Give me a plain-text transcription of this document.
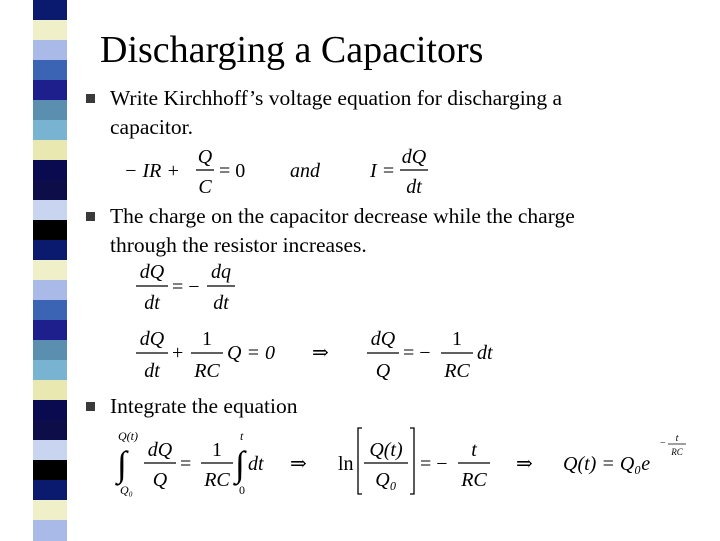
Discharging a Capacitors
Write Kirchhoff’s voltage equation for discharging a
capacitor.
The charge on the capacitor decrease while the charge
through the resistor increases.
Integrate the equation
− IR +
Q
C
= 0 and	I =
dQ
dt
dQ
dt
= −
dq
dt
dQ
dt
+
1
RC
Q = 0 ⇒
dQ
Q
= −
1
RC
dt
Q(t)
∫
Q₀
dQ
Q
=
1
RC
t
∫
0
dt ⇒ ln
Q(t)
Q₀
= −
t
RC
⇒ Q(t) = Q₀e
− t
RC
